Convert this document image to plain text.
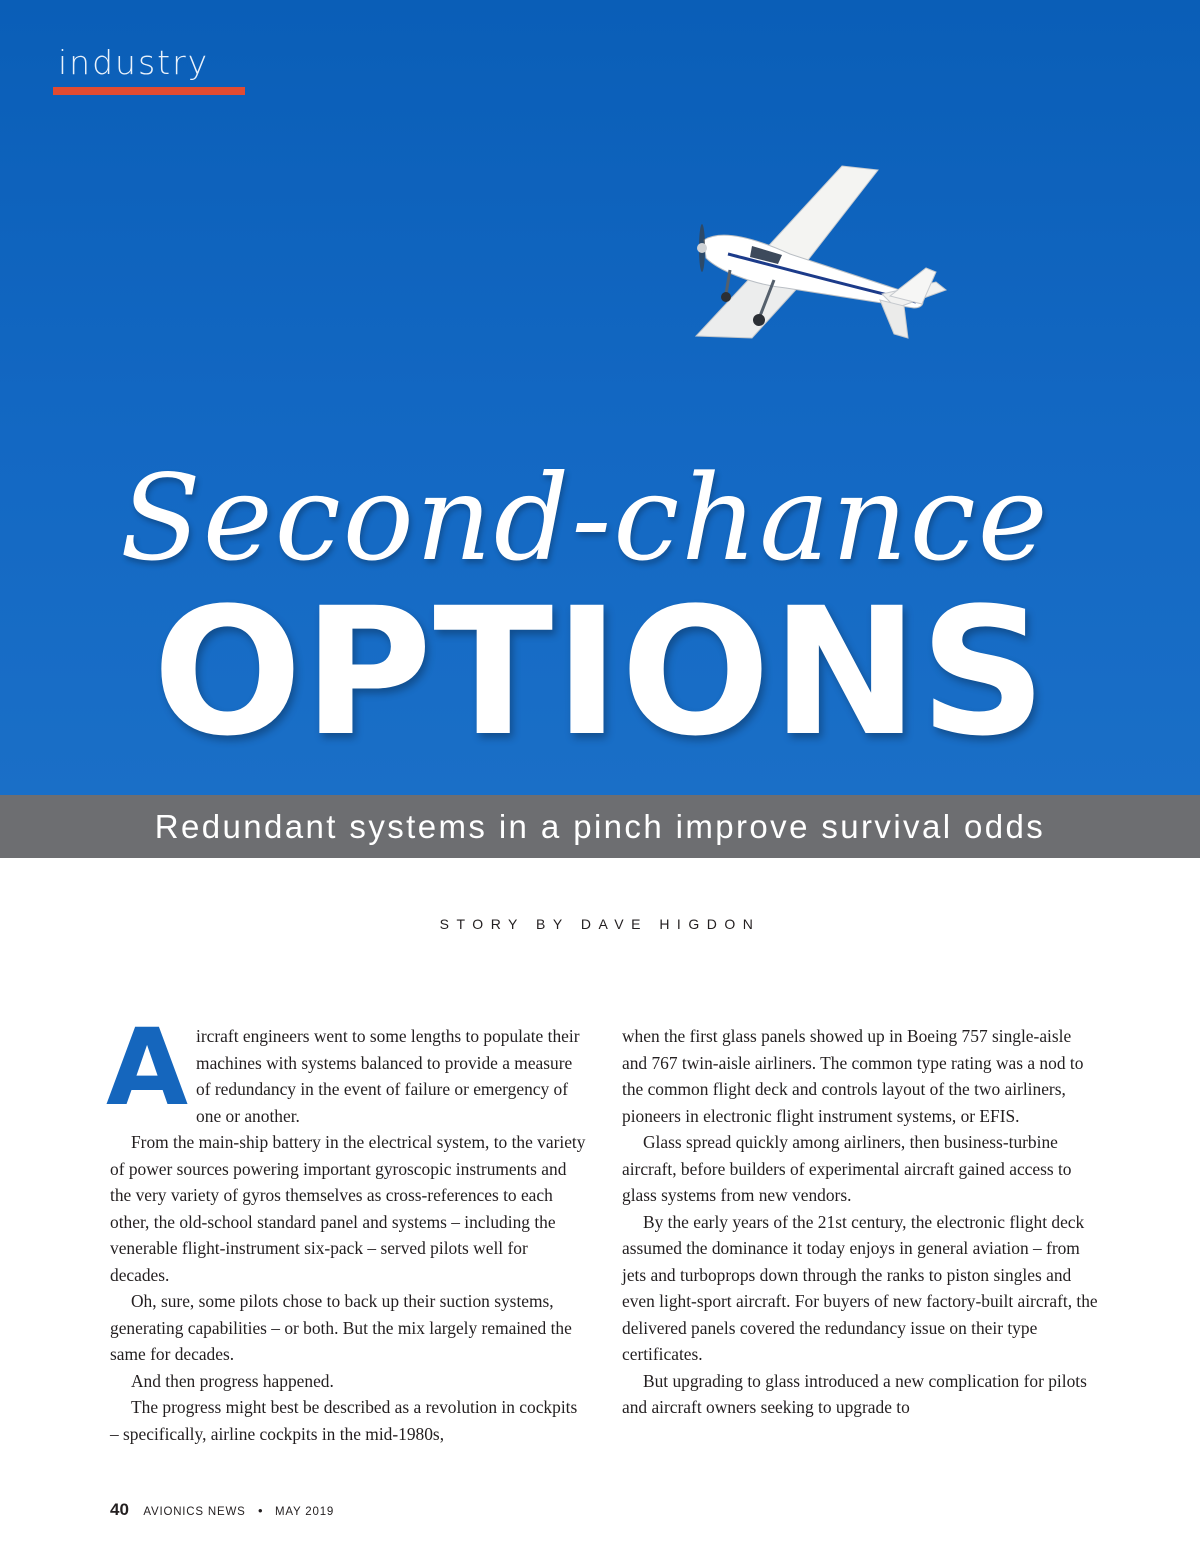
industry
Second-chance
OPTIONS
Redundant systems in a pinch improve survival odds
STORY BY DAVE HIGDON

Aircraft engineers went to some lengths to populate their machines with systems balanced to provide a measure of redundancy in the event of failure or emergency of one or another.

From the main-ship battery in the electrical system, to the variety of power sources powering important gyroscopic instruments and the very variety of gyros themselves as cross-references to each other, the old-school standard panel and systems – including the venerable flight-instrument six-pack – served pilots well for decades.

Oh, sure, some pilots chose to back up their suction systems, generating capabilities – or both. But the mix largely remained the same for decades.

And then progress happened.

The progress might best be described as a revolution in cockpits – specifically, airline cockpits in the mid-1980s,

when the first glass panels showed up in Boeing 757 single-aisle and 767 twin-aisle airliners. The common type rating was a nod to the common flight deck and controls layout of the two airliners, pioneers in electronic flight instrument systems, or EFIS.

Glass spread quickly among airliners, then business-turbine aircraft, before builders of experimental aircraft gained access to glass systems from new vendors.

By the early years of the 21st century, the electronic flight deck assumed the dominance it today enjoys in general aviation – from jets and turboprops down through the ranks to piston singles and even light-sport aircraft. For buyers of new factory-built aircraft, the delivered panels covered the redundancy issue on their type certificates.

But upgrading to glass introduced a new complication for pilots and aircraft owners seeking to upgrade to

40 AVIONICS NEWS • MAY 2019
